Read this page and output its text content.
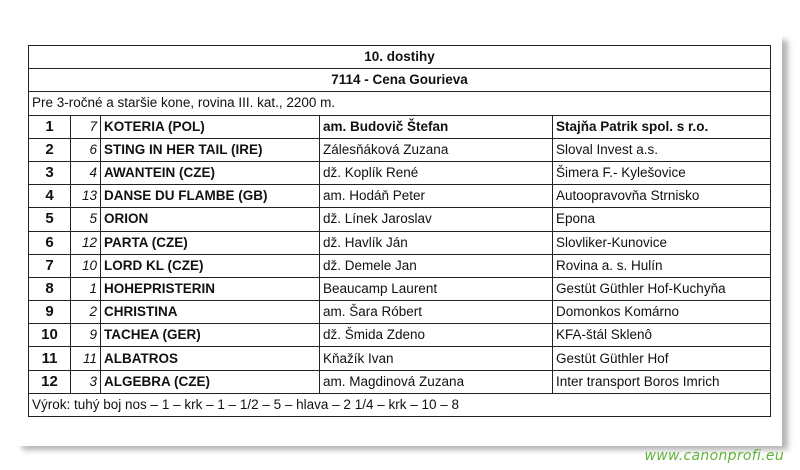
10. dostihy				
7114 - Cena Gourieva				
Pre 3-ročné a staršie kone, rovina III. kat., 2200 m.				
1	7	KOTERIA (POL)	am. Budovič Štefan	Stajňa Patrik spol. s r.o.
2	6	STING IN HER TAIL (IRE)	Zálesňáková Zuzana	Sloval Invest a.s.
3	4	AWANTEIN (CZE)	dž. Koplík René	Šimera F.- Kylešovice
4	13	DANSE DU FLAMBE (GB)	am. Hodáň Peter	Autoopravovňa Strnisko
5	5	ORION	dž. Línek Jaroslav	Epona
6	12	PARTA (CZE)	dž. Havlík Ján	Slovliker-Kunovice
7	10	LORD KL (CZE)	dž. Demele Jan	Rovina a. s. Hulín
8	1	HOHEPRISTERIN	Beaucamp Laurent	Gestüt Güthler Hof-Kuchyňa
9	2	CHRISTINA	am. Šara Róbert	Domonkos Komárno
10	9	TACHEA (GER)	dž. Šmida Zdeno	KFA-štál Sklenô
11	11	ALBATROS	Kňažík Ivan	Gestüt Güthler Hof
12	3	ALGEBRA (CZE)	am. Magdinová Zuzana	Inter transport Boros Imrich
Výrok: tuhý boj nos – 1 – krk – 1 – 1/2 – 5 – hlava – 2 1/4 – krk – 10 – 8				
www.canonprofi.eu
